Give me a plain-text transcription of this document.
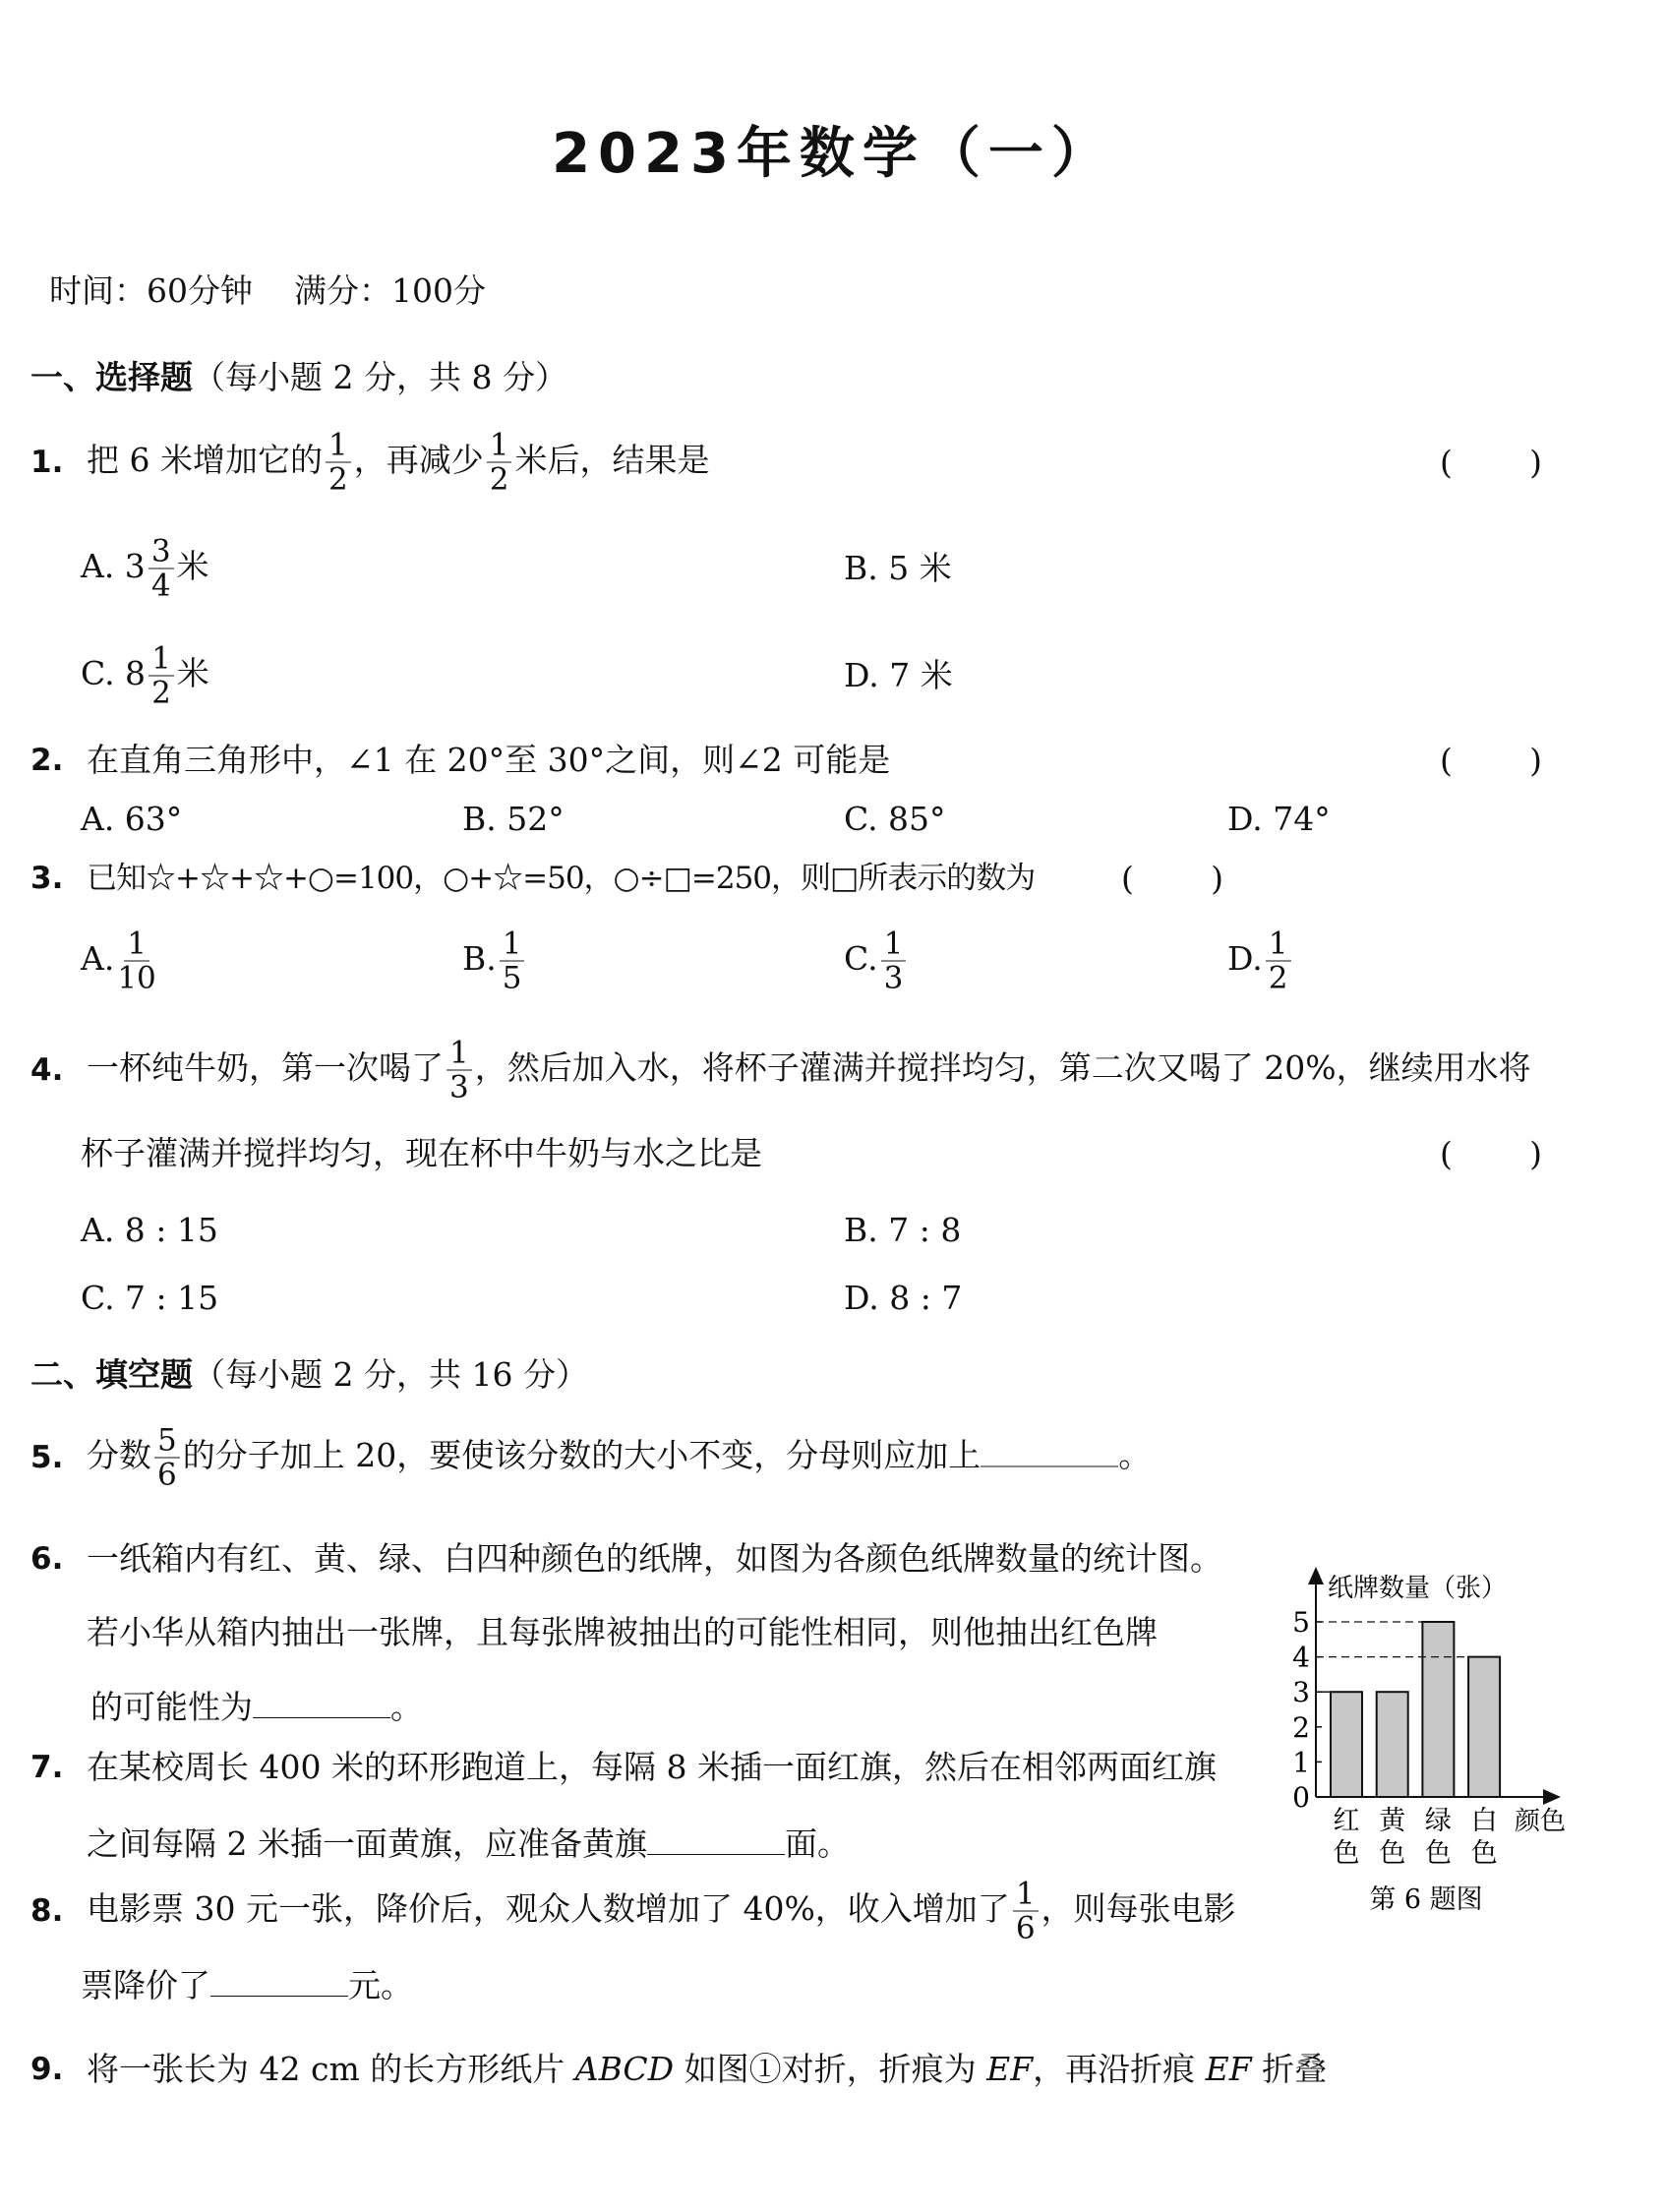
2023年数学（一）
时间：60分钟 满分：100分
一、选择题（每小题 2 分，共 8 分）
1. 把 6 米增加它的 $\frac{1}{2}$ ，再减少 $\frac{1}{2}$ 米后，结果是	( )
A. $3 \frac{3}{4}$ 米	B. 5 米
C. $8 \frac{1}{2}$ 米	D. 7 米
2. 在直角三角形中，∠1 在 20°至 30°之间，则∠2 可能是	( )
A. 63°	B. 52°	C. 85°	D. 74°
3. 已知☆+☆+☆+○=100，○+☆=50，○÷□=250，则□所表示的数为	( )
A. $\frac{1}{10}$	B. $\frac{1}{5}$	C. $\frac{1}{3}$	D. $\frac{1}{2}$
4. 一杯纯牛奶，第一次喝了 $\frac{1}{3}$ ，然后加入水，将杯子灌满并搅拌均匀，第二次又喝了 20%，继续用水将
杯子灌满并搅拌均匀，现在杯中牛奶与水之比是	( )
A. 8 : 15	B. 7 : 8
C. 7 : 15	D. 8 : 7
二、填空题（每小题 2 分，共 16 分）
5. 分数 $\frac{5}{6}$ 的分子加上 20，要使该分数的大小不变，分母则应加上	。
6. 一纸箱内有红、黄、绿、白四种颜色的纸牌，如图为各颜色纸牌数量的统计图。
若小华从箱内抽出一张牌，且每张牌被抽出的可能性相同，则他抽出红色牌
的可能性为	。
7. 在某校周长 400 米的环形跑道上，每隔 8 米插一面红旗，然后在相邻两面红旗
之间每隔 2 米插一面黄旗，应准备黄旗	面。
8. 电影票 30 元一张，降价后，观众人数增加了 40%，收入增加了 $\frac{1}{6}$ ，则每张电影
票降价了	元。
9. 将一张长为 42 cm 的长方形纸片 ABCD 如图①对折，折痕为 EF，再沿折痕 EF 折叠
纸牌数量（张）
颜色
第 6 题图
0
1
2
3
4
5
红
色
黄
色
绿
色
白
色
